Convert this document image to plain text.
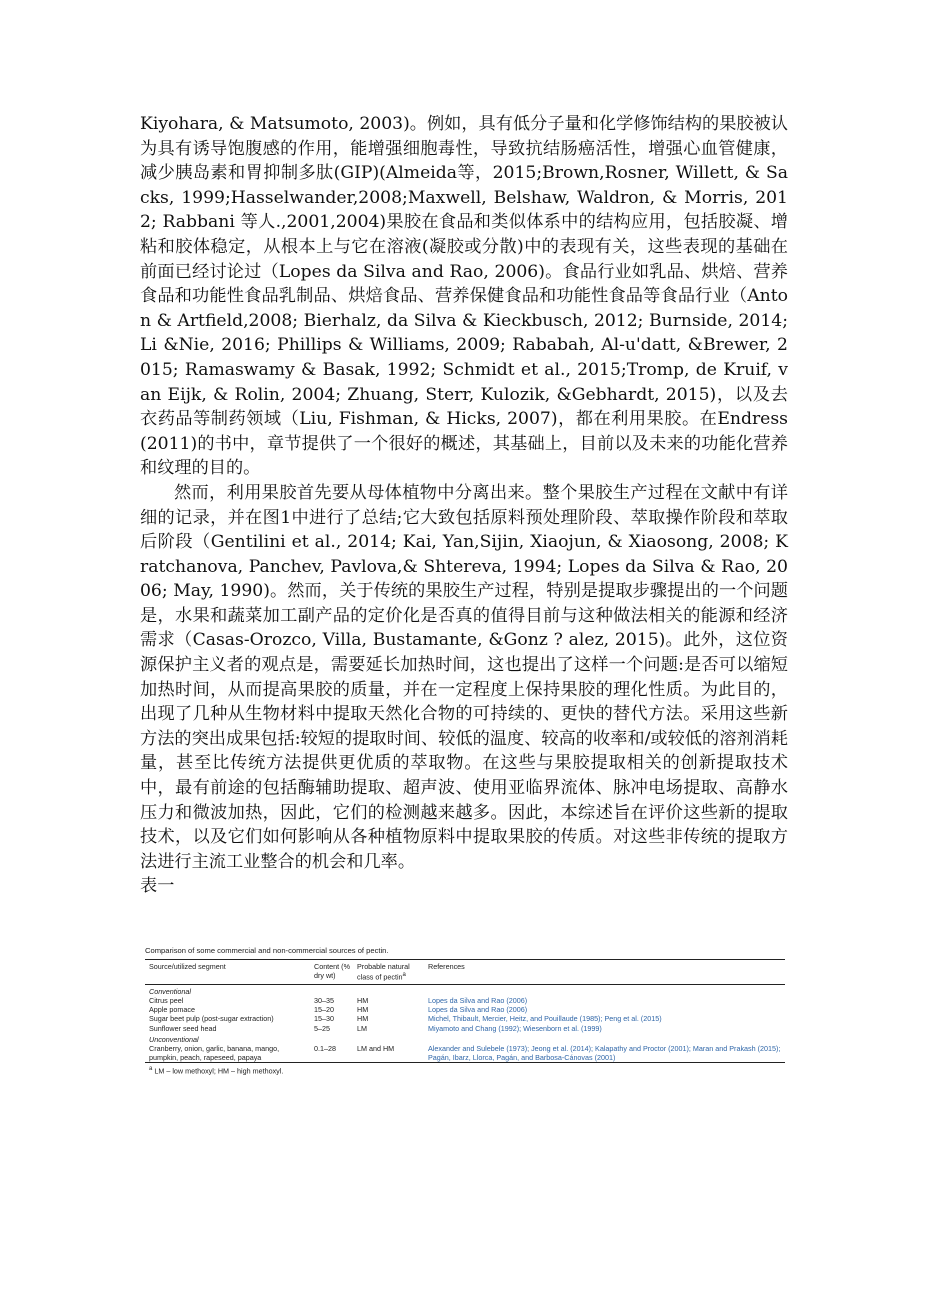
Kiyohara, & Matsumoto, 2003)。例如，具有低分子量和化学修饰结构的果胶被认为具有诱导饱腹感的作用，能增强细胞毒性，导致抗结肠癌活性，增强心血管健康，减少胰岛素和胃抑制多肽(GIP)(Almeida等，2015;Brown,Rosner, Willett, & Sacks, 1999;Hasselwander,2008;Maxwell, Belshaw, Waldron, & Morris, 2012; Rabbani 等人.,2001,2004)果胶在食品和类似体系中的结构应用，包括胶凝、增粘和胶体稳定，从根本上与它在溶液(凝胶或分散)中的表现有关，这些表现的基础在前面已经讨论过（Lopes da Silva and Rao, 2006)。食品行业如乳品、烘焙、营养食品和功能性食品乳制品、烘焙食品、营养保健食品和功能性食品等食品行业（Anton & Artfield,2008; Bierhalz, da Silva & Kieckbusch, 2012; Burnside, 2014; Li &Nie, 2016; Phillips & Williams, 2009; Rababah, Al-u'datt, &Brewer, 2015; Ramaswamy & Basak, 1992; Schmidt et al., 2015;Tromp, de Kruif, van Eijk, & Rolin, 2004; Zhuang, Sterr, Kulozik, &Gebhardt, 2015)，以及去衣药品等制药领域（Liu, Fishman, & Hicks, 2007)，都在利用果胶。在Endress(2011)的书中，章节提供了一个很好的概述，其基础上，目前以及未来的功能化营养和纹理的目的。

然而，利用果胶首先要从母体植物中分离出来。整个果胶生产过程在文献中有详细的记录，并在图1中进行了总结;它大致包括原料预处理阶段、萃取操作阶段和萃取后阶段（Gentilini et al., 2014; Kai, Yan,Sijin, Xiaojun, & Xiaosong, 2008; Kratchanova, Panchev, Pavlova,& Shtereva, 1994; Lopes da Silva & Rao, 2006; May, 1990)。然而，关于传统的果胶生产过程，特别是提取步骤提出的一个问题是，水果和蔬菜加工副产品的定价化是否真的值得目前与这种做法相关的能源和经济需求（Casas-Orozco, Villa, Bustamante, &Gonz ? alez, 2015)。此外，这位资源保护主义者的观点是，需要延长加热时间，这也提出了这样一个问题:是否可以缩短加热时间，从而提高果胶的质量，并在一定程度上保持果胶的理化性质。为此目的，出现了几种从生物材料中提取天然化合物的可持续的、更快的替代方法。采用这些新方法的突出成果包括:较短的提取时间、较低的温度、较高的收率和/或较低的溶剂消耗量，甚至比传统方法提供更优质的萃取物。在这些与果胶提取相关的创新提取技术中，最有前途的包括酶辅助提取、超声波、使用亚临界流体、脉冲电场提取、高静水压力和微波加热，因此，它们的检测越来越多。因此，本综述旨在评价这些新的提取技术，以及它们如何影响从各种植物原料中提取果胶的传质。对这些非传统的提取方法进行主流工业整合的机会和几率。

表一

Comparison of some commercial and non-commercial sources of pectin.
Source/utilized segment	Content (% dry wt)	Probable natural class of pectin$^a$	References
Conventional			
Citrus peel	30–35	HM	Lopes da Silva and Rao (2006)
Apple pomace	15–20	HM	Lopes da Silva and Rao (2006)
Sugar beet pulp (post-sugar extraction)	15–30	HM	Michel, Thibault, Mercier, Heitz, and Pouillaude (1985); Peng et al. (2015)
Sunflower seed head	5–25	LM	Miyamoto and Chang (1992); Wiesenborn et al. (1999)
Unconventional			
Cranberry, onion, garlic, banana, mango, pumpkin, peach, rapeseed, papaya	0.1–28	LM and HM	Alexander and Sulebele (1973); Jeong et al. (2014); Kalapathy and Proctor (2001); Maran and Prakash (2015); Pagán, Ibarz, Llorca, Pagán, and Barbosa-Cánovas (2001)
$^a$ LM – low methoxyl; HM – high methoxyl.
